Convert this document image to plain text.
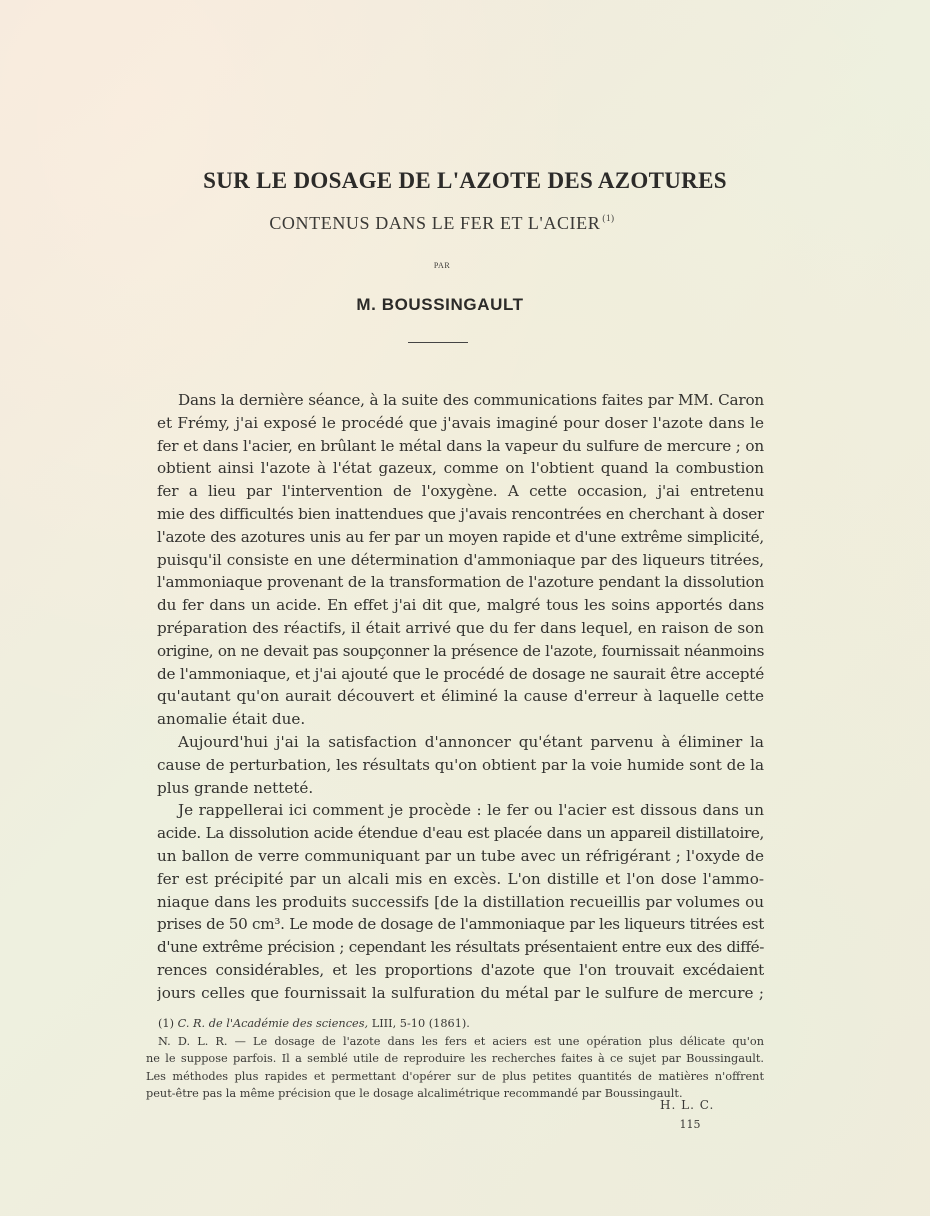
SUR LE DOSAGE DE L'AZOTE DES AZOTURES
CONTENUS DANS LE FER ET L'ACIER $^{(1)}$
PAR
M. BOUSSINGAULT
Dans la dernière séance, à la suite des communications faites par MM. Caron
et Frémy, j'ai exposé le procédé que j'avais imaginé pour doser l'azote dans le
fer et dans l'acier, en brûlant le métal dans la vapeur du sulfure de mercure ; on
obtient ainsi l'azote à l'état gazeux, comme on l'obtient quand la combustion
fer a lieu par l'intervention de l'oxygène. A cette occasion, j'ai entretenu
mie des difficultés bien inattendues que j'avais rencontrées en cherchant à doser
l'azote des azotures unis au fer par un moyen rapide et d'une extrême simplicité,
puisqu'il consiste en une détermination d'ammoniaque par des liqueurs titrées,
l'ammoniaque provenant de la transformation de l'azoture pendant la dissolution
du fer dans un acide. En effet j'ai dit que, malgré tous les soins apportés dans
préparation des réactifs, il était arrivé que du fer dans lequel, en raison de son
origine, on ne devait pas soupçonner la présence de l'azote, fournissait néanmoins
de l'ammoniaque, et j'ai ajouté que le procédé de dosage ne saurait être accepté
qu'autant qu'on aurait découvert et éliminé la cause d'erreur à laquelle cette
anomalie était due.
Aujourd'hui j'ai la satisfaction d'annoncer qu'étant parvenu à éliminer la
cause de perturbation, les résultats qu'on obtient par la voie humide sont de la
plus grande netteté.
Je rappellerai ici comment je procède : le fer ou l'acier est dissous dans un
acide. La dissolution acide étendue d'eau est placée dans un appareil distillatoire,
un ballon de verre communiquant par un tube avec un réfrigérant ; l'oxyde de
fer est précipité par un alcali mis en excès. L'on distille et l'on dose l'ammo-
niaque dans les produits successifs [de la distillation recueillis par volumes ou
prises de 50 cm³. Le mode de dosage de l'ammoniaque par les liqueurs titrées est
d'une extrême précision ; cependant les résultats présentaient entre eux des diffé-
rences considérables, et les proportions d'azote que l'on trouvait excédaient
jours celles que fournissait la sulfuration du métal par le sulfure de mercure ;
(1) C. R. de l'Académie des sciences, LIII, 5-10 (1861).
N. D. L. R. — Le dosage de l'azote dans les fers et aciers est une opération plus délicate qu'on
ne le suppose parfois. Il a semblé utile de reproduire les recherches faites à ce sujet par Boussingault.
Les méthodes plus rapides et permettant d'opérer sur de plus petites quantités de matières n'offrent
peut-être pas la même précision que le dosage alcalimétrique recommandé par Boussingault.
H. L. C.
115
